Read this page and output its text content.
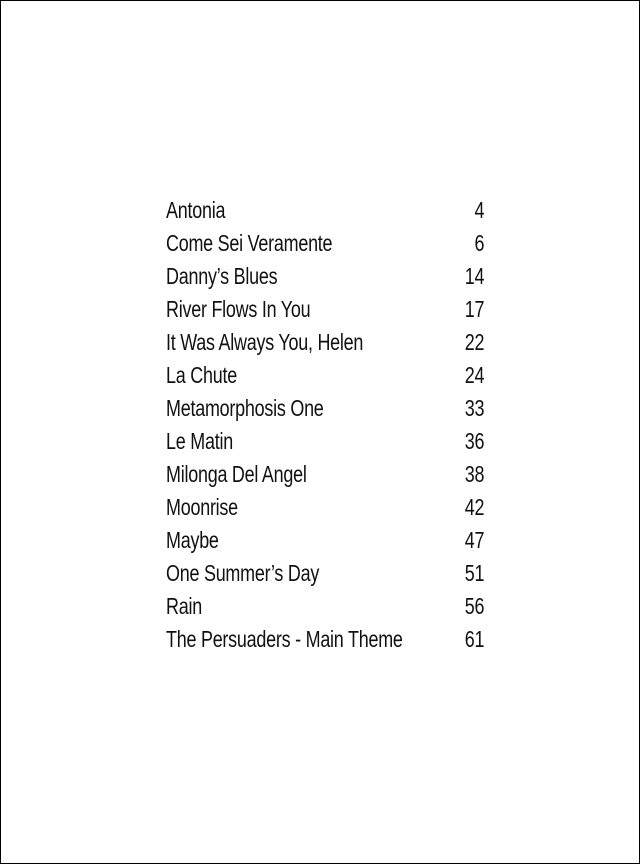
Antonia	4
Come Sei Veramente	6
Danny’s Blues	14
River Flows In You	17
It Was Always You, Helen	22
La Chute	24
Metamorphosis One	33
Le Matin	36
Milonga Del Angel	38
Moonrise	42
Maybe	47
One Summer’s Day	51
Rain	56
The Persuaders - Main Theme	61
